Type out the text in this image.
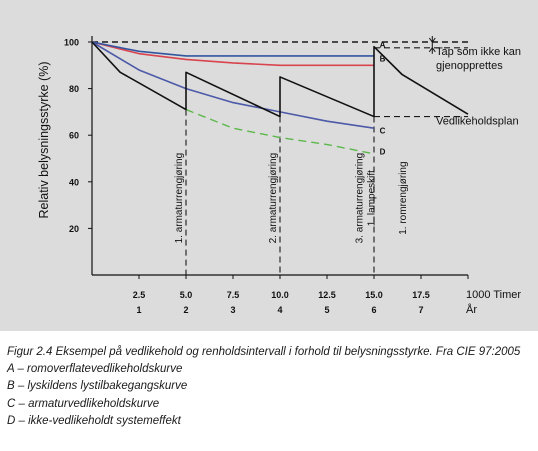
100
80
60
40
20
Relativ belysningsstyrke (%)
2.5
1
5.0
2
7.5
3
10.0
4
12.5
5
15.0
6
17.5
7
1000 Timer
År
A
B
C
D
Tap som ikke kan
gjenopprettes
Vedlikeholdsplan
1. armaturrengjøring	2. armaturrengjøring	3. armaturrengjøring 1. lampeskift 1. romrengjøring
Figur 2.4 Eksempel på vedlikehold og renholdsintervall i forhold til belysningsstyrke. Fra CIE 97:2005
A – romoverflatevedlikeholdskurve
B – lyskildens lystilbakegangskurve
C – armaturvedlikeholdskurve
D – ikke-vedlikeholdt systemeffekt
